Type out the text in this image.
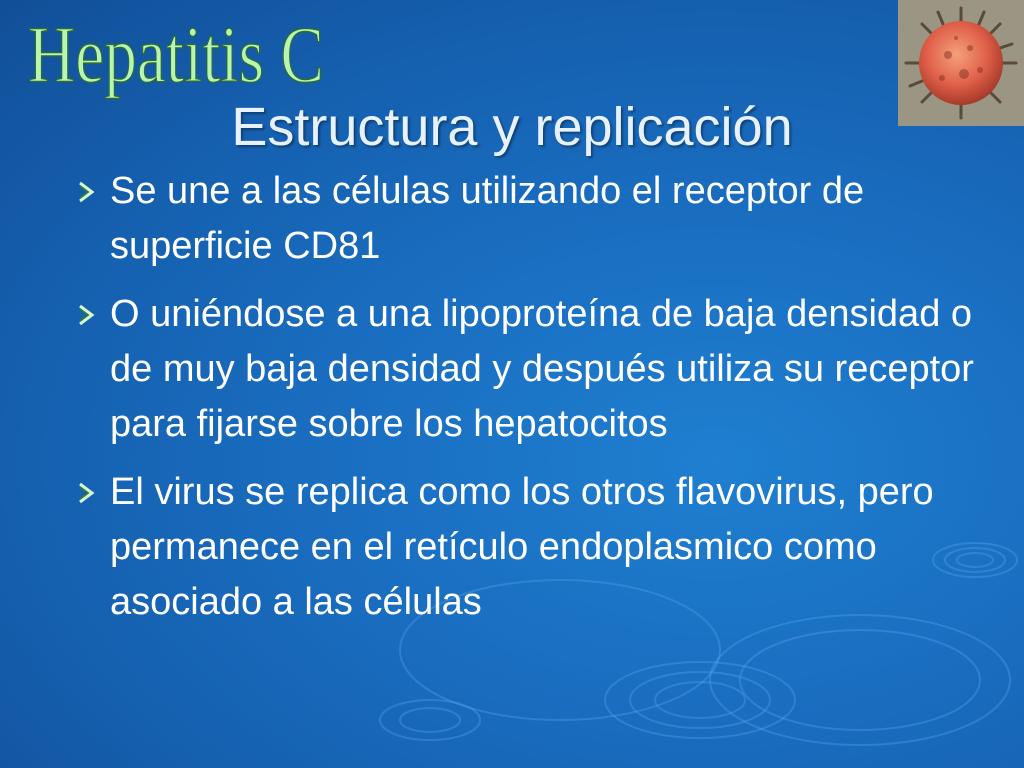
Hepatitis C
Estructura y replicación
Se une a las células utilizando el receptor de superficie CD81
O uniéndose a una lipoproteína de baja densidad o de muy baja densidad y después utiliza su receptor para fijarse sobre los hepatocitos
El virus se replica como los otros flavovirus, pero permanece en el retículo endoplasmico como asociado a las células
